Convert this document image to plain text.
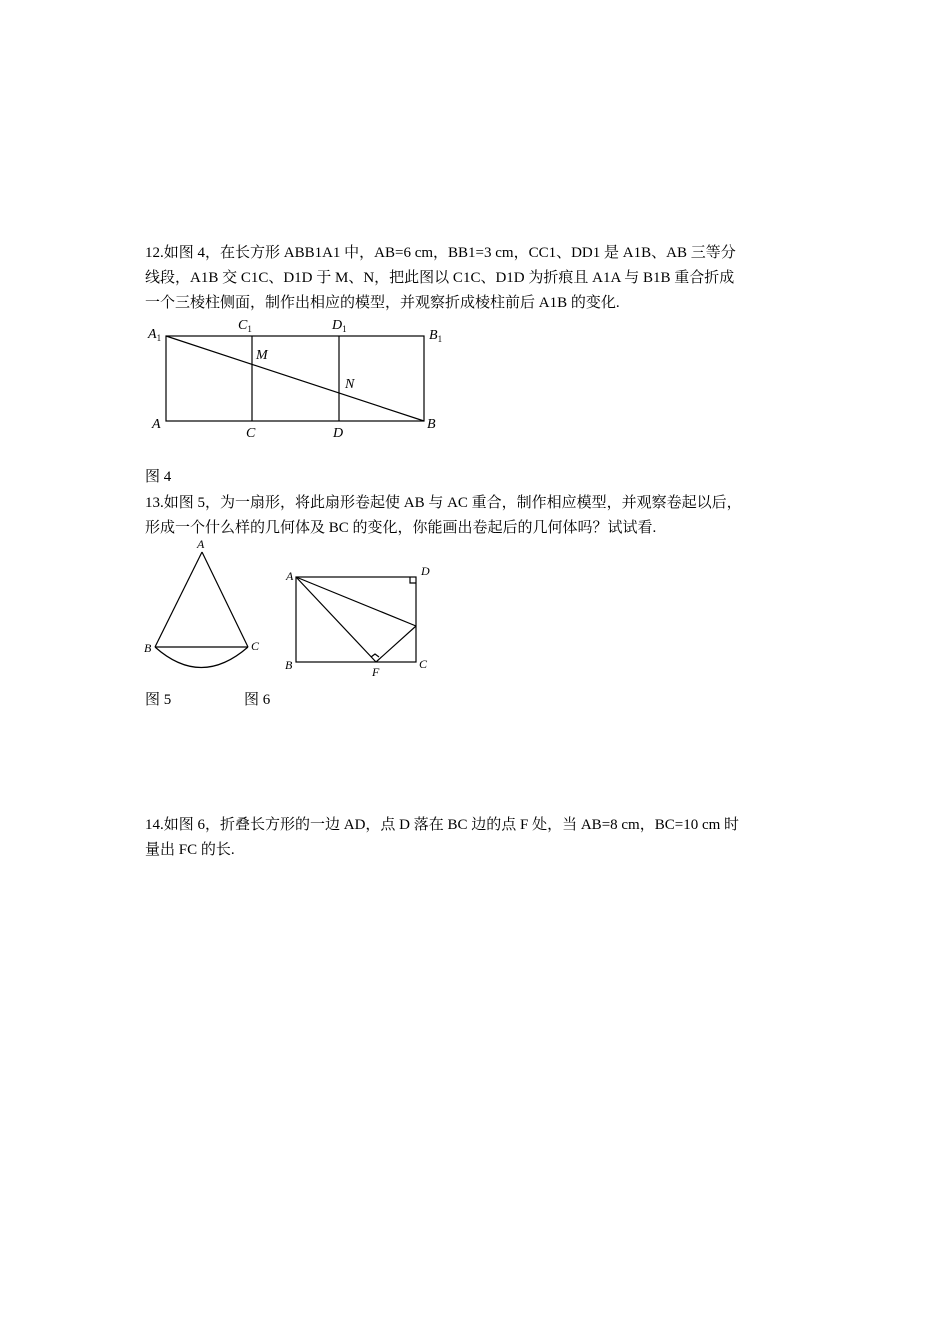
12.如图 4，在长方形 ABB1A1 中，AB=6 cm，BB1=3 cm，CC1、DD1 是 A1B、AB 三等分
线段，A1B 交 C1C、D1D 于 M、N，把此图以 C1C、D1D 为折痕且 A1A 与 B1B 重合折成
一个三棱柱侧面，制作出相应的模型，并观察折成棱柱前后 A1B 的变化.

$A_1$
$C_1$	$D_1$	$B_1$
M
N
A
C	D
B

图 4

13.如图 5，为一扇形，将此扇形卷起使 AB 与 AC 重合，制作相应模型，并观察卷起以后，
形成一个什么样的几何体及 BC 的变化，你能画出卷起后的几何体吗？试试看.

A
B	C
A	D
B	C
F

图 5	图 6

14.如图 6，折叠长方形的一边 AD，点 D 落在 BC 边的点 F 处，当 AB=8 cm，BC=10 cm 时
量出 FC 的长.
